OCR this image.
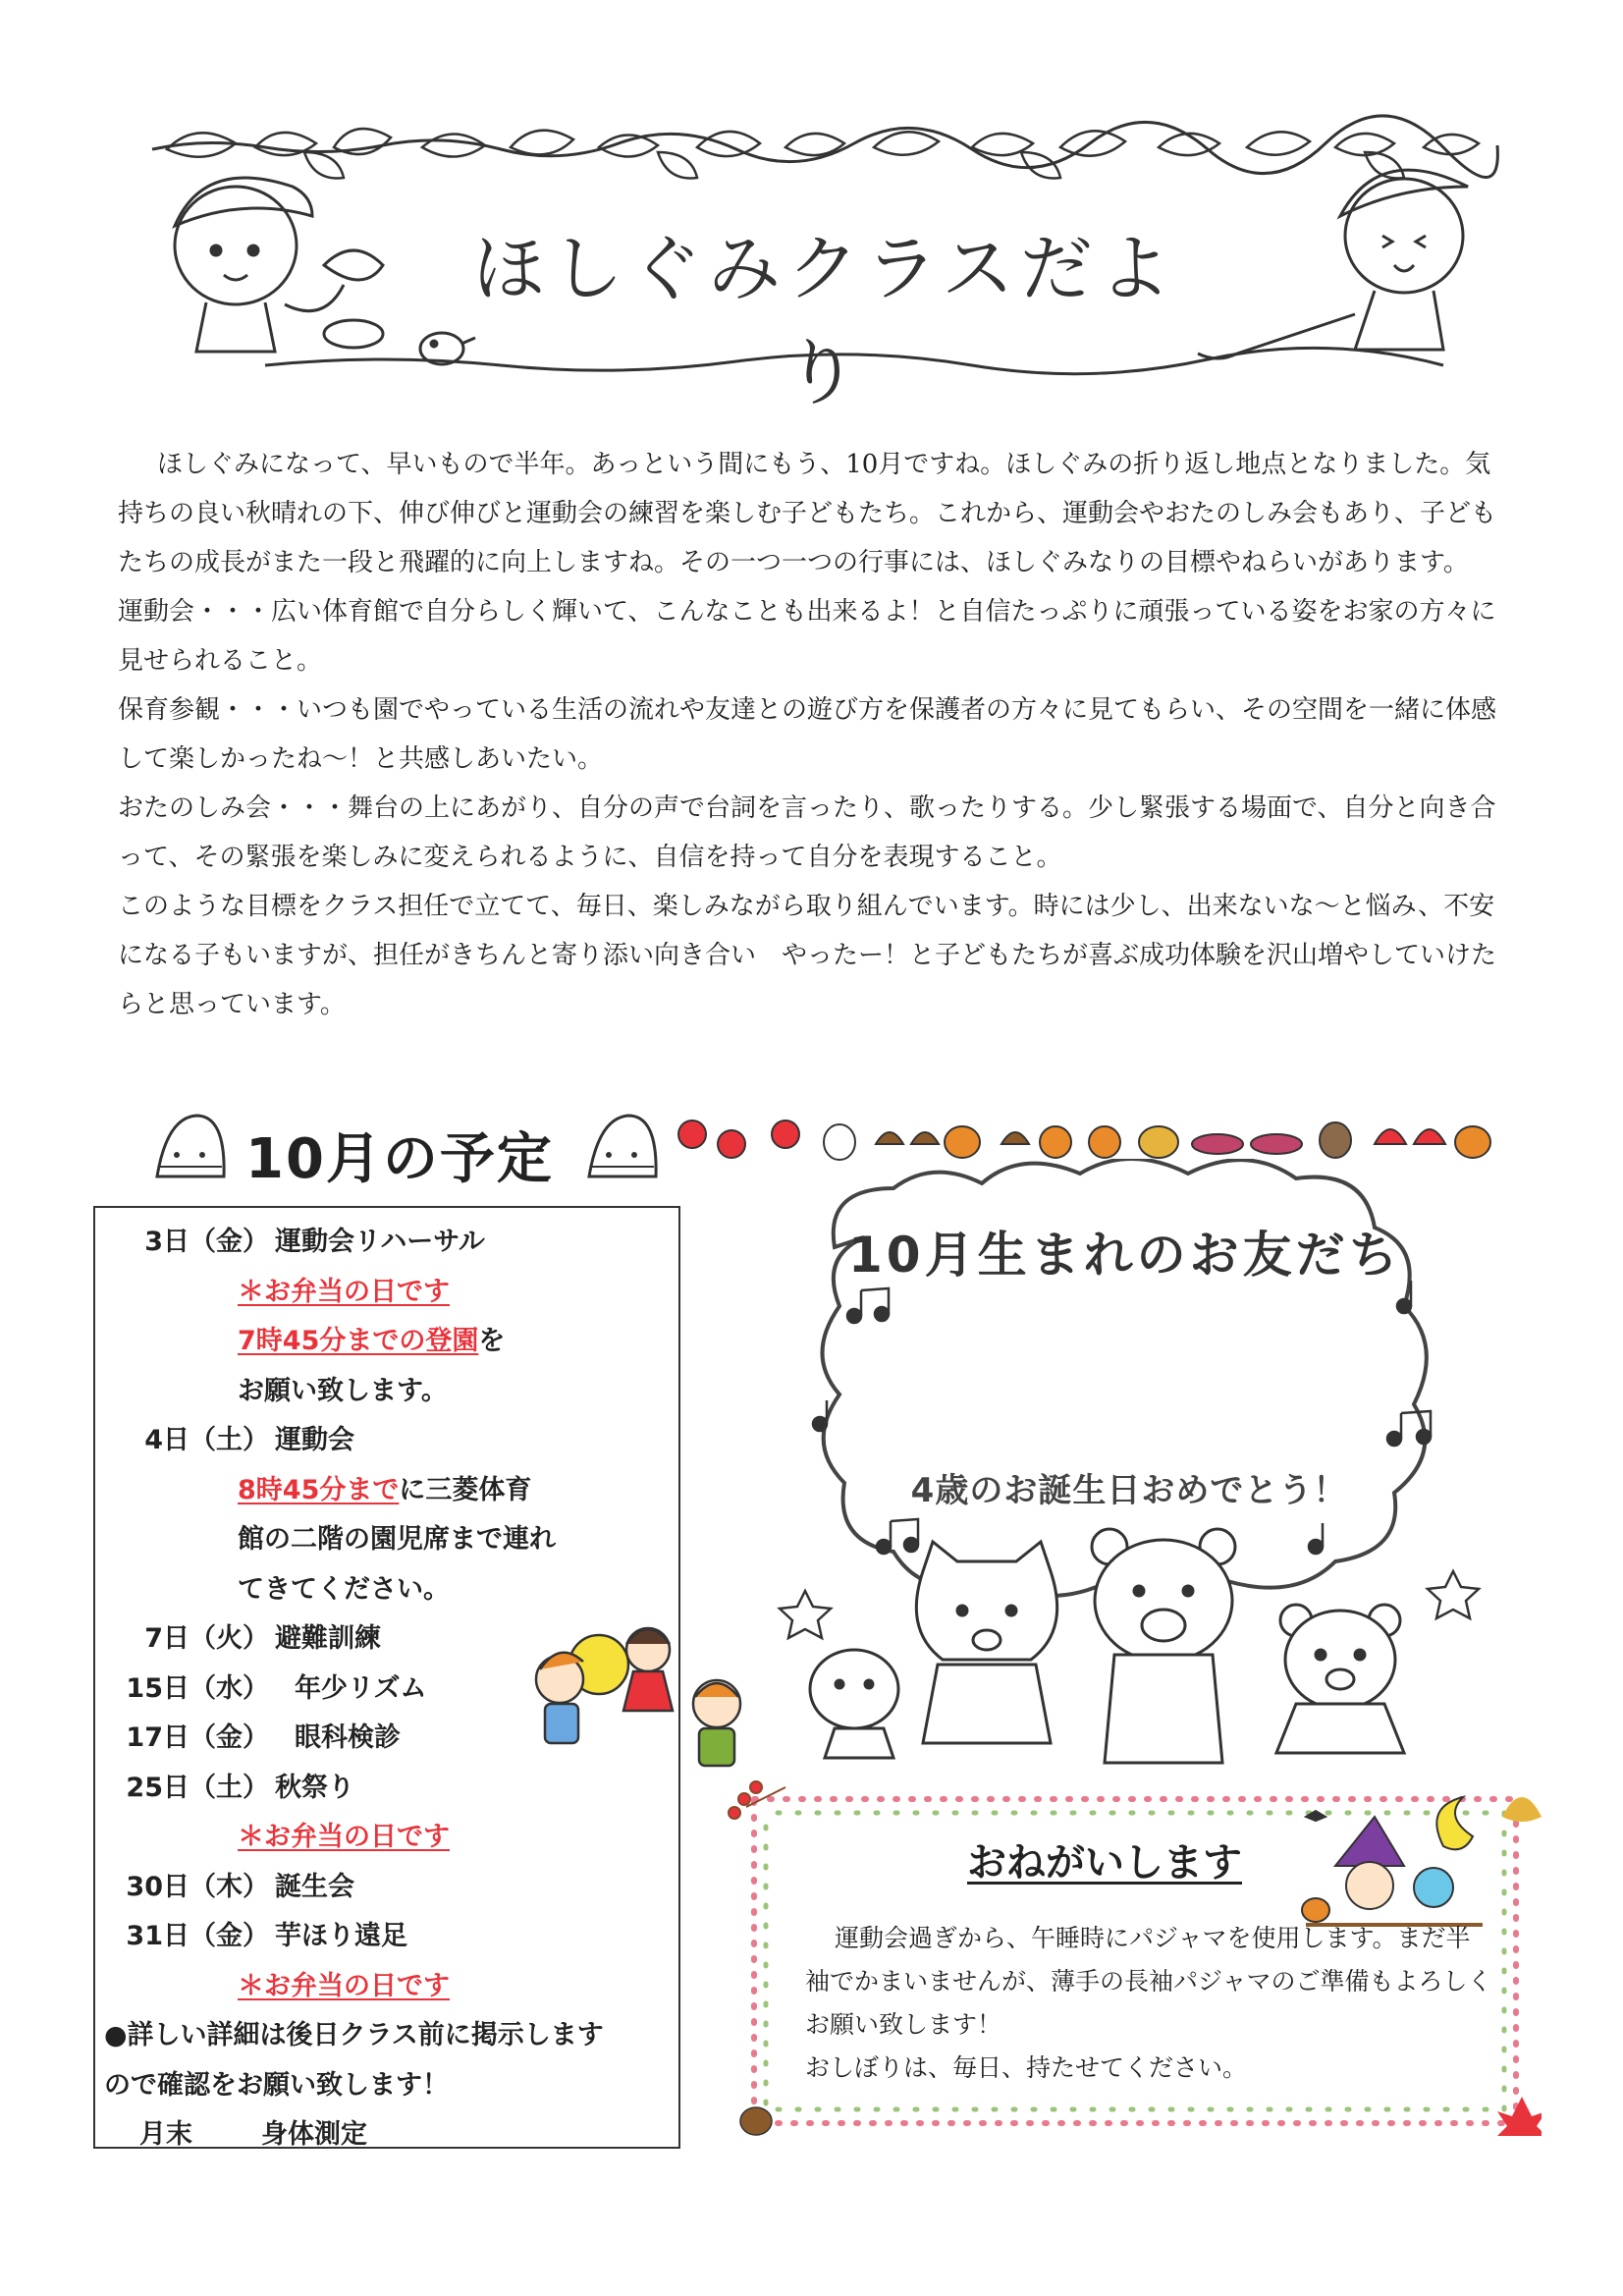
ほしぐみクラスだより

ほしぐみになって、早いもので半年。あっという間にもう、10月ですね。ほしぐみの折り返し地点となりました。気持ちの良い秋晴れの下、伸び伸びと運動会の練習を楽しむ子どもたち。これから、運動会やおたのしみ会もあり、子どもたちの成長がまた一段と飛躍的に向上しますね。その一つ一つの行事には、ほしぐみなりの目標やねらいがあります。

運動会・・・広い体育館で自分らしく輝いて、こんなことも出来るよ！と自信たっぷりに頑張っている姿をお家の方々に見せられること。

保育参観・・・いつも園でやっている生活の流れや友達との遊び方を保護者の方々に見てもらい、その空間を一緒に体感して楽しかったね～！と共感しあいたい。

おたのしみ会・・・舞台の上にあがり、自分の声で台詞を言ったり、歌ったりする。少し緊張する場面で、自分と向き合って、その緊張を楽しみに変えられるように、自信を持って自分を表現すること。

このような目標をクラス担任で立てて、毎日、楽しみながら取り組んでいます。時には少し、出来ないな～と悩み、不安になる子もいますが、担任がきちんと寄り添い向き合い　やったー！と子どもたちが喜ぶ成功体験を沢山増やしていけたらと思っています。

10月の予定
3日（金） 運動会リハーサル
＊お弁当の日です
7時45分までの登園を
お願い致します。
4日（土） 運動会
8時45分までに三菱体育
館の二階の園児席まで連れ
てきてください。
7日（火） 避難訓練
15日（水） 年少リズム
17日（金） 眼科検診
25日（土） 秋祭り
＊お弁当の日です
30日（木） 誕生会
31日（金） 芋ほり遠足
＊お弁当の日です
●詳しい詳細は後日クラス前に掲示します
ので確認をお願い致します！
月末	身体測定
10月生まれのお友だち
4歳のお誕生日おめでとう！
おねがいします

運動会過ぎから、午睡時にパジャマを使用します。まだ半袖でかまいませんが、薄手の長袖パジャマのご準備もよろしくお願い致します！

おしぼりは、毎日、持たせてください。
